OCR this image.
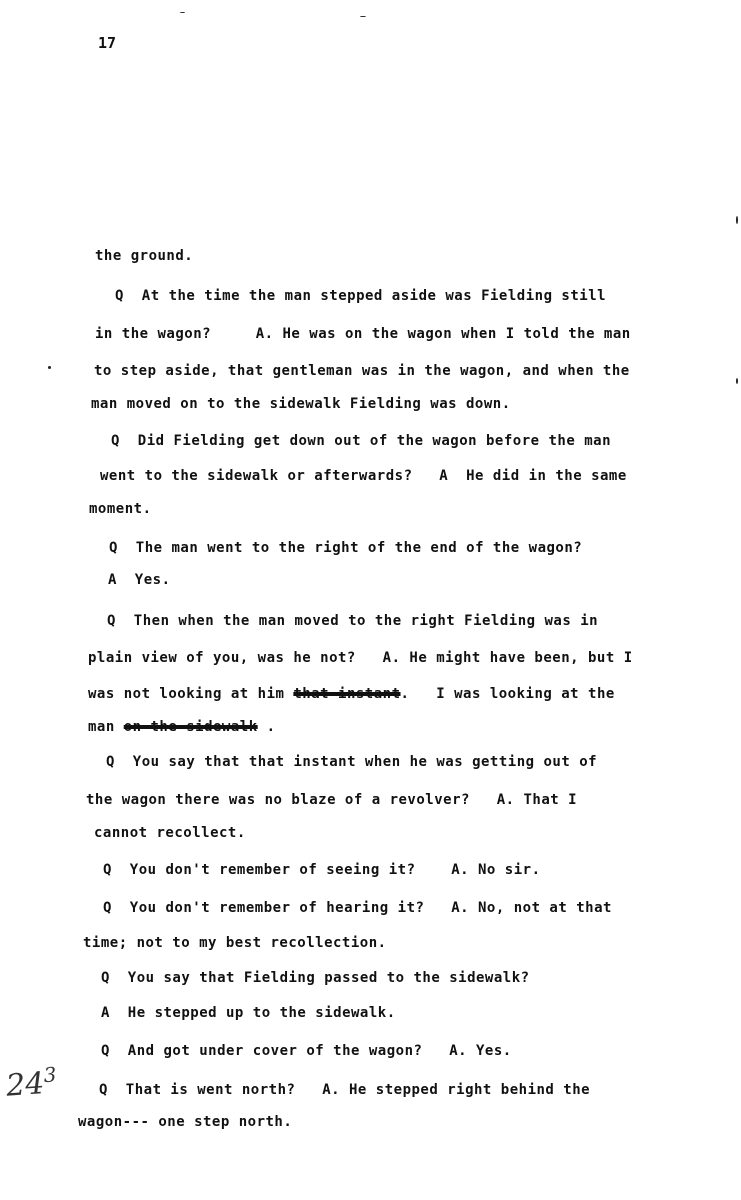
17
the ground.
Q  At the time the man stepped aside was Fielding still
in the wagon?     A. He was on the wagon when I told the man
to step aside, that gentleman was in the wagon, and when the
man moved on to the sidewalk Fielding was down.
Q  Did Fielding get down out of the wagon before the man
went to the sidewalk or afterwards?   A  He did in the same
moment.
Q  The man went to the right of the end of the wagon?
A  Yes.
Q  Then when the man moved to the right Fielding was in
plain view of you, was he not?   A. He might have been, but I
was not looking at him that instant.   I was looking at the
man on the sidewalk .
Q  You say that that instant when he was getting out of
the wagon there was no blaze of a revolver?   A. That I
cannot recollect.
Q  You don't remember of seeing it?    A. No sir.
Q  You don't remember of hearing it?   A. No, not at that
time; not to my best recollection.
Q  You say that Fielding passed to the sidewalk?
A  He stepped up to the sidewalk.
Q  And got under cover of the wagon?   A. Yes.
Q  That is went north?   A. He stepped right behind the
wagon--- one step north.
$24^3$
